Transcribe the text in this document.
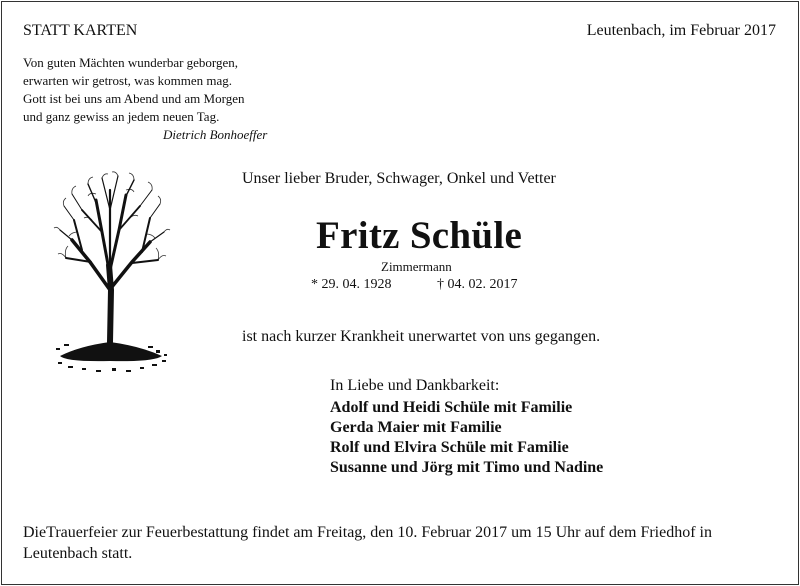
STATT KARTEN	Leutenbach, im Februar 2017
Von guten Mächten wunderbar geborgen,
erwarten wir getrost, was kommen mag.
Gott ist bei uns am Abend und am Morgen
und ganz gewiss an jedem neuen Tag.
Dietrich Bonhoeffer
Unser lieber Bruder, Schwager, Onkel und Vetter
Fritz Schüle
Zimmermann
* 29. 04. 1928	† 04. 02. 2017
ist nach kurzer Krankheit unerwartet von uns gegangen.
In Liebe und Dankbarkeit:
Adolf und Heidi Schüle mit Familie
Gerda Maier mit Familie
Rolf und Elvira Schüle mit Familie
Susanne und Jörg mit Timo und Nadine
DieTrauerfeier zur Feuerbestattung findet am Freitag, den 10. Februar 2017 um 15 Uhr auf dem Friedhof in Leutenbach statt.
